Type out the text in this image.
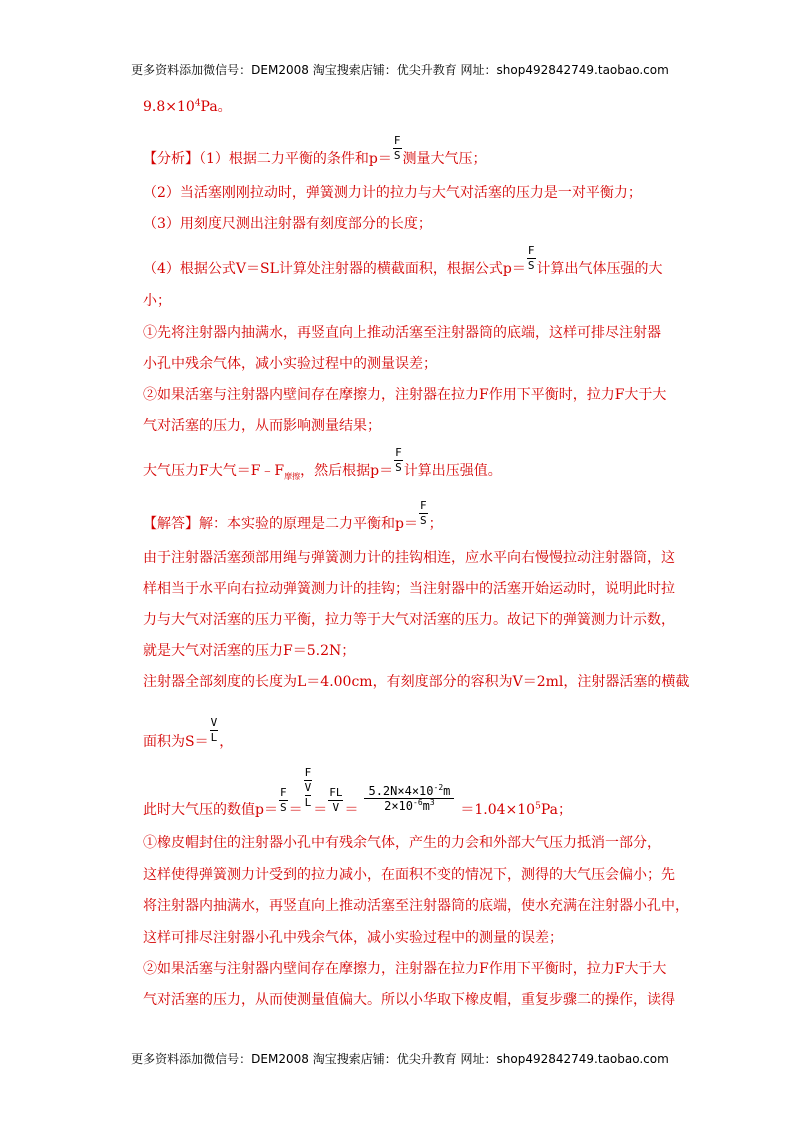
更多资料添加微信号：DEM2008 淘宝搜索店铺：优尖升教育 网址：shop492842749.taobao.com
$9.8\times 10^4Pa$。
【分析】（1）根据二力平衡的条件和$p= \frac{F}{S}$ 测量大气压；
（2）当活塞刚刚拉动时，弹簧测力计的拉力与大气对活塞的压力是一对平衡力；
（3）用刻度尺测出注射器有刻度部分的长度；
（4）根据公式V＝SL计算处注射器的横截面积，根据公式$p= \frac{F}{S}$ 计算出气体压强的大
小；
①先将注射器内抽满水，再竖直向上推动活塞至注射器筒的底端，这样可排尽注射器
小孔中残余气体，减小实验过程中的测量误差；
②如果活塞与注射器内壁间存在摩擦力，注射器在拉力F作用下平衡时，拉力F大于大
气对活塞的压力，从而影响测量结果；
大气压力F大气$=F﹣F_{摩擦}$，然后根据$p= \frac{F}{S}$ 计算出压强值。
【解答】解：本实验的原理是二力平衡和$p= \frac{F}{S}$ ；
由于注射器活塞颈部用绳与弹簧测力计的挂钩相连，应水平向右慢慢拉动注射器筒，这
样相当于水平向右拉动弹簧测力计的挂钩；当注射器中的活塞开始运动时，说明此时拉
力与大气对活塞的压力平衡，拉力等于大气对活塞的压力。故记下的弹簧测力计示数，
就是大气对活塞的压力F＝5.2N；
注射器全部刻度的长度为L＝4.00cm，有刻度部分的容积为V＝2ml，注射器活塞的横截
面积为$S= \frac{V}{L}$ ，
此时大气压的数值$p= \frac{F}{S} = \frac{F}{\frac{V}{L}} = \frac{FL}{V} = \frac{5.2N\times 4\times 10^{-2}m}{2\times 10^{-6}m^3} =1.04\times 10^5Pa$；
①橡皮帽封住的注射器小孔中有残余气体，产生的力会和外部大气压力抵消一部分，
这样使得弹簧测力计受到的拉力减小，在面积不变的情况下，测得的大气压会偏小；先
将注射器内抽满水，再竖直向上推动活塞至注射器筒的底端，使水充满在注射器小孔中，
这样可排尽注射器小孔中残余气体，减小实验过程中的测量的误差；
②如果活塞与注射器内壁间存在摩擦力，注射器在拉力F作用下平衡时，拉力F大于大
气对活塞的压力，从而使测量值偏大。所以小华取下橡皮帽，重复步骤二的操作，读得
更多资料添加微信号：DEM2008 淘宝搜索店铺：优尖升教育 网址：shop492842749.taobao.com
